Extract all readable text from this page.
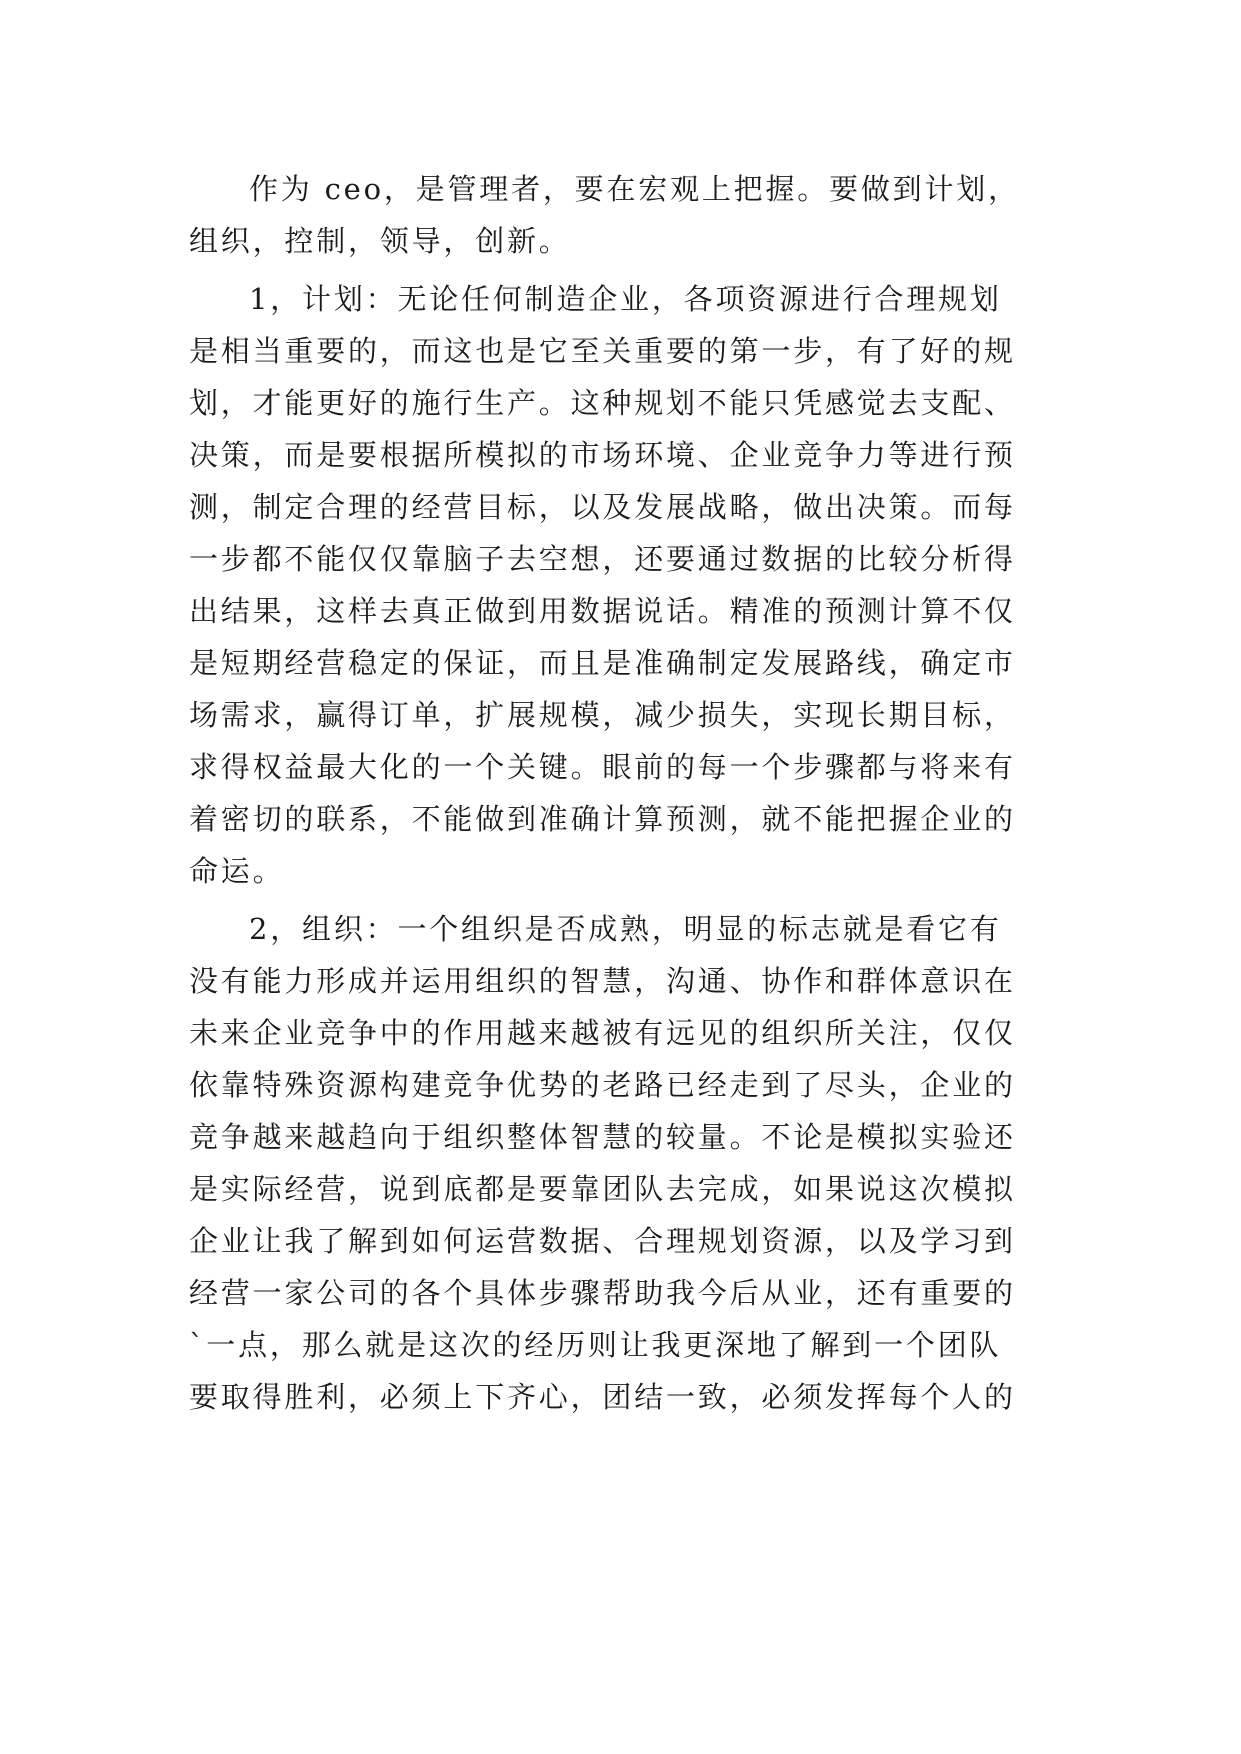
作为 ceo，是管理者，要在宏观上把握。要做到计划，
组织，控制，领导，创新。
1，计划：无论任何制造企业，各项资源进行合理规划
是相当重要的，而这也是它至关重要的第一步，有了好的规
划，才能更好的施行生产。这种规划不能只凭感觉去支配、
决策，而是要根据所模拟的市场环境、企业竞争力等进行预
测，制定合理的经营目标，以及发展战略，做出决策。而每
一步都不能仅仅靠脑子去空想，还要通过数据的比较分析得
出结果，这样去真正做到用数据说话。精准的预测计算不仅
是短期经营稳定的保证，而且是准确制定发展路线，确定市
场需求，赢得订单，扩展规模，减少损失，实现长期目标，
求得权益最大化的一个关键。眼前的每一个步骤都与将来有
着密切的联系，不能做到准确计算预测，就不能把握企业的
命运。
2，组织：一个组织是否成熟，明显的标志就是看它有
没有能力形成并运用组织的智慧，沟通、协作和群体意识在
未来企业竞争中的作用越来越被有远见的组织所关注，仅仅
依靠特殊资源构建竞争优势的老路已经走到了尽头，企业的
竞争越来越趋向于组织整体智慧的较量。不论是模拟实验还
是实际经营，说到底都是要靠团队去完成，如果说这次模拟
企业让我了解到如何运营数据、合理规划资源，以及学习到
经营一家公司的各个具体步骤帮助我今后从业，还有重要的
`一点，那么就是这次的经历则让我更深地了解到一个团队
要取得胜利，必须上下齐心，团结一致，必须发挥每个人的
